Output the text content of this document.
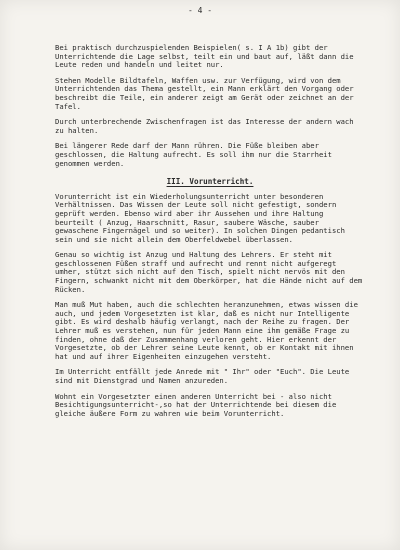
- 4 -

Bei praktisch durchzuspielenden Beispielen( s. I A 1b) gibt der Unterrichtende die Lage selbst, teilt ein und baut auf, läßt dann die Leute reden und handeln und leitet nur.

Stehen Modelle Bildtafeln, Waffen usw. zur Verfügung, wird von dem Unterrichtenden das Thema gestellt, ein Mann erklärt den Vorgang oder beschreibt die Teile, ein anderer zeigt am Gerät oder zeichnet an der Tafel.

Durch unterbrechende Zwischenfragen ist das Interesse der andern wach zu halten.

Bei längerer Rede darf der Mann rühren. Die Füße bleiben aber geschlossen, die Haltung aufrecht. Es soll ihm nur die Starrheit genommen werden.

III. Vorunterricht.

Vorunterricht ist ein Wiederholungsunterricht unter besonderen Verhältnissen. Das Wissen der Leute soll nicht gefestigt, sondern geprüft werden. Ebenso wird aber ihr Aussehen und ihre Haltung beurteilt ( Anzug, Haarschnitt, Rasur, saubere Wäsche, sauber gewaschene Fingernägel und so weiter). In solchen Dingen pedantisch sein und sie nicht allein dem Oberfeldwebel überlassen.

Genau so wichtig ist Anzug und Haltung des Lehrers. Er steht mit geschlossenen Füßen straff und aufrecht und rennt nicht aufgeregt umher, stützt sich nicht auf den Tisch, spielt nicht nervös mit den Fingern, schwankt nicht mit dem Oberkörper, hat die Hände nicht auf dem Rücken.

Man muß Mut haben, auch die schlechten heranzunehmen, etwas wissen die auch, und jedem Vorgesetzten ist klar, daß es nicht nur Intelligente gibt. Es wird deshalb häufig verlangt, nach der Reihe zu fragen. Der Lehrer muß es verstehen, nun für jeden Mann eine ihm gemäße Frage zu finden, ohne daß der Zusammenhang verloren geht. Hier erkennt der Vorgesetzte, ob der Lehrer seine Leute kennt, ob er Kontakt mit ihnen hat und auf ihrer Eigenheiten einzugehen versteht.

Im Unterricht entfällt jede Anrede mit " Ihr" oder "Euch". Die Leute sind mit Dienstgrad und Namen anzureden.

Wohnt ein Vorgesetzter einen anderen Unterricht bei - also nicht Besichtigungsunterricht-,so hat der Unterrichtende bei diesem die gleiche äußere Form zu wahren wie beim Vorunterricht.
